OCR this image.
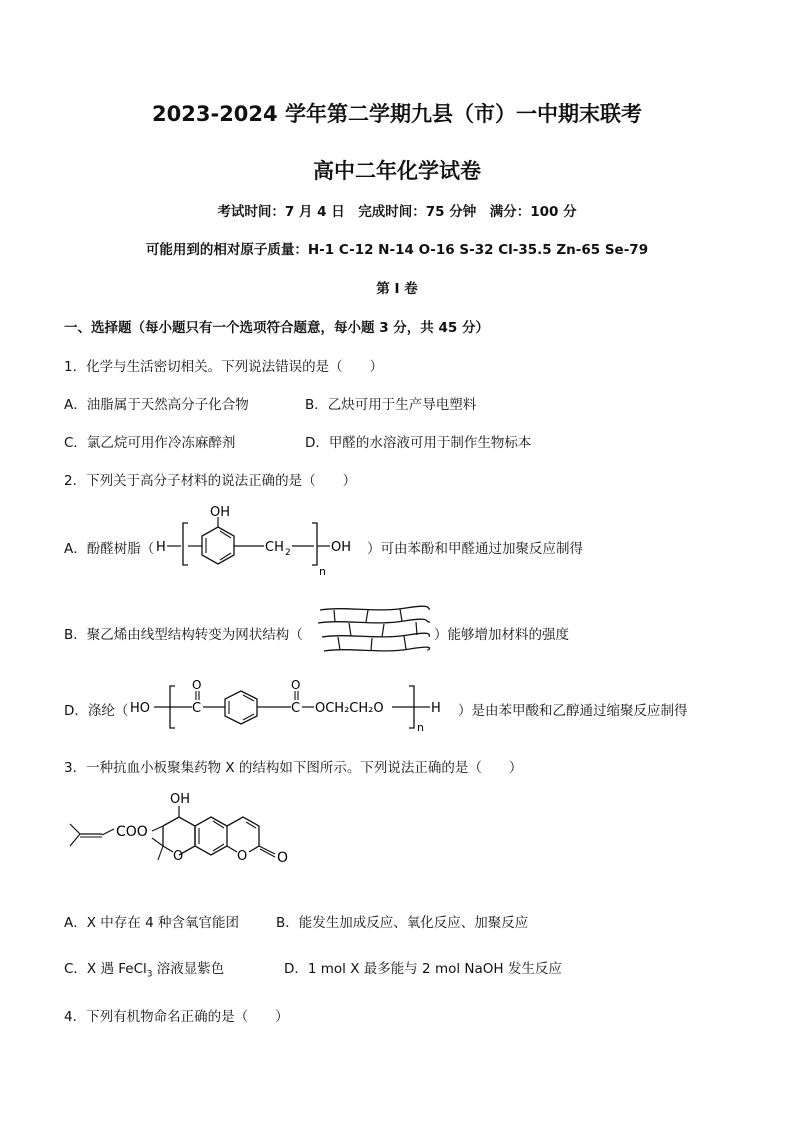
2023-2024 学年第二学期九县（市）一中期末联考
高中二年化学试卷
考试时间：7 月 4 日　完成时间：75 分钟　满分：100 分
可能用到的相对原子质量：H-1 C-12 N-14 O-16 S-32 Cl-35.5 Zn-65 Se-79
第 I 卷
一、选择题（每小题只有一个选项符合题意，每小题 3 分，共 45 分）
1．化学与生活密切相关。下列说法错误的是（　　）
A．油脂属于天然高分子化合物	B．乙炔可用于生产导电塑料
C．氯乙烷可用作冷冻麻醉剂	D．甲醛的水溶液可用于制作生物标本
2．下列关于高分子材料的说法正确的是（　　）
A．酚醛树脂（ H
OH
CH 2
n
OH ）可由苯酚和甲醛通过加聚反应制得
B．聚乙烯由线型结构转变为网状结构（	）能够增加材料的强度
D．涤纶（ HO	C
O
C
O
OCH₂CH₂O
n
H ）是由苯甲酸和乙醇通过缩聚反应制得
3．一种抗血小板聚集药物 X 的结构如下图所示。下列说法正确的是（　　）
COO
O
OH
O O
A．X 中存在 4 种含氧官能团	B．能发生加成反应、氧化反应、加聚反应
C．X 遇 FeCl$_3$ 溶液显紫色	D．1 mol X 最多能与 2 mol NaOH 发生反应
4．下列有机物命名正确的是（　　）
